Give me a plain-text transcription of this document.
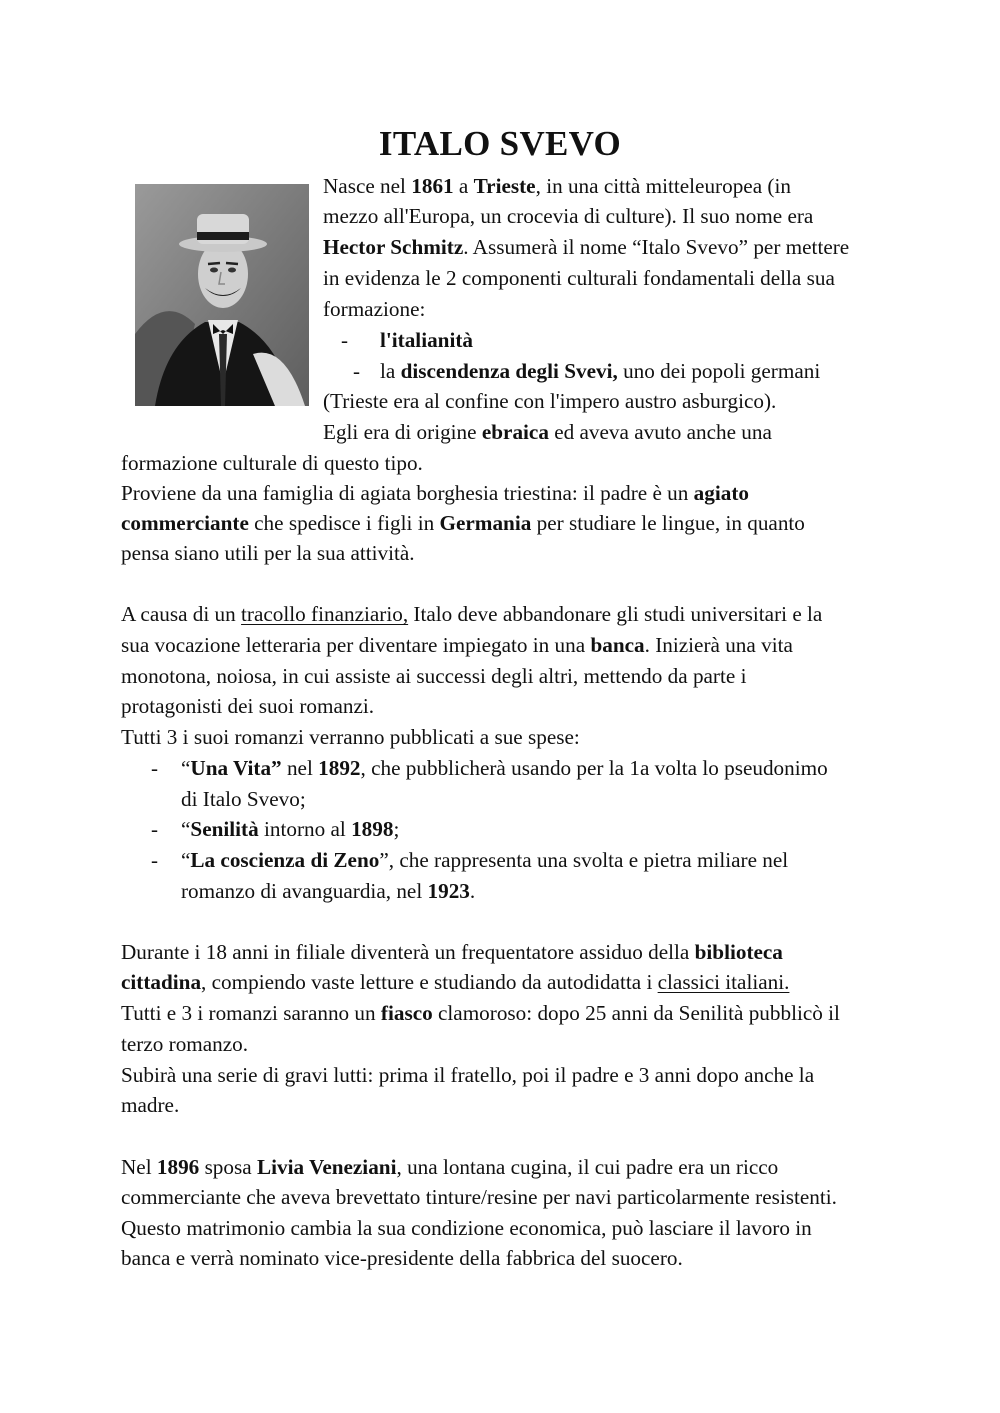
ITALO SVEVO
Nasce nel 1861 a Trieste, in una città mitteleuropea (in
mezzo all'Europa, un crocevia di culture). Il suo nome era
Hector Schmitz. Assumerà il nome “Italo Svevo” per mettere
in evidenza le 2 componenti culturali fondamentali della sua
formazione:
- l'italianità
- la discendenza degli Svevi, uno dei popoli germani
(Trieste era al confine con l'impero austro asburgico).
Egli era di origine ebraica ed aveva avuto anche una
formazione culturale di questo tipo.
Proviene da una famiglia di agiata borghesia triestina: il padre è un agiato
commerciante che spedisce i figli in Germania per studiare le lingue, in quanto
pensa siano utili per la sua attività.
A causa di un tracollo finanziario, Italo deve abbandonare gli studi universitari e la
sua vocazione letteraria per diventare impiegato in una banca. Inizierà una vita
monotona, noiosa, in cui assiste ai successi degli altri, mettendo da parte i
protagonisti dei suoi romanzi.
Tutti 3 i suoi romanzi verranno pubblicati a sue spese:
- “Una Vita” nel 1892, che pubblicherà usando per la 1a volta lo pseudonimo
di Italo Svevo;
- “Senilità intorno al 1898;
- “La coscienza di Zeno”, che rappresenta una svolta e pietra miliare nel
romanzo di avanguardia, nel 1923.
Durante i 18 anni in filiale diventerà un frequentatore assiduo della biblioteca
cittadina, compiendo vaste letture e studiando da autodidatta i classici italiani.
Tutti e 3 i romanzi saranno un fiasco clamoroso: dopo 25 anni da Senilità pubblicò il
terzo romanzo.
Subirà una serie di gravi lutti: prima il fratello, poi il padre e 3 anni dopo anche la
madre.
Nel 1896 sposa Livia Veneziani, una lontana cugina, il cui padre era un ricco
commerciante che aveva brevettato tinture/resine per navi particolarmente resistenti.
Questo matrimonio cambia la sua condizione economica, può lasciare il lavoro in
banca e verrà nominato vice-presidente della fabbrica del suocero.
